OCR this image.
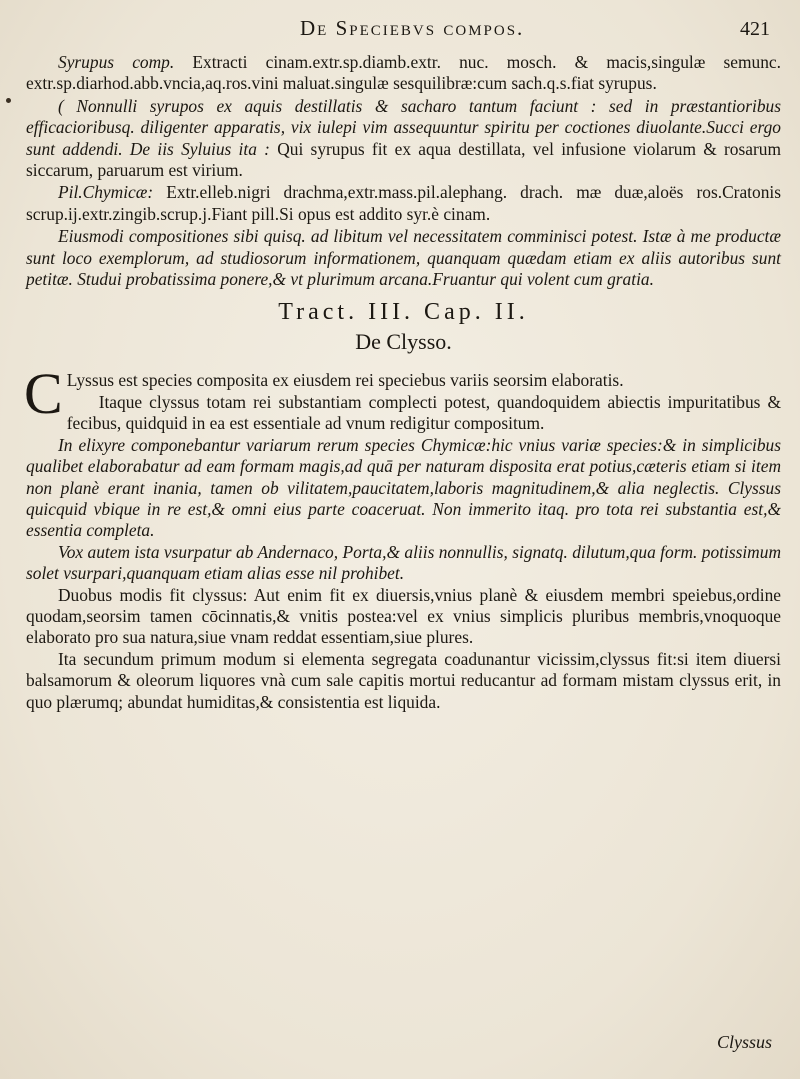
De Speciebvs compos.	421

Syrupus comp. Extracti cinam.extr.sp.diamb.extr. nuc. mosch. & macis,singulæ semunc. extr.sp.diarhod.abb.vncia,aq.ros.vini maluat.singulæ sesquilibræ:cum sach.q.s.fiat syrupus.

( Nonnulli syrupos ex aquis destillatis & sacharo tantum faciunt : sed in præstantioribus efficacioribusq. diligenter apparatis, vix iulepi vim assequuntur spiritu per coctiones diuolante.Succi ergo sunt addendi. De iis Syluius ita : Qui syrupus fit ex aqua destillata, vel infusione violarum & rosarum siccarum, paruarum est virium.

Pil.Chymicæ: Extr.elleb.nigri drachma,extr.mass.pil.alephang. drach. mæ duæ,aloës ros.Cratonis scrup.ij.extr.zingib.scrup.j.Fiant pill.Si opus est addito syr.è cinam.

Eiusmodi compositiones sibi quisq. ad libitum vel necessitatem comminisci potest. Istæ à me productæ sunt loco exemplorum, ad studiosorum informationem, quanquam quædam etiam ex aliis autoribus sunt petitæ. Studui probatissima ponere,& vt plurimum arcana.Fruantur qui volent cum gratia.

Tract. III. Cap. II.
De Clysso.

C Lyssus est species composita ex eiusdem rei speciebus variis seorsim elaboratis.

Itaque clyssus totam rei substantiam complecti potest, quandoquidem abiectis impuritatibus & fecibus, quidquid in ea est essentiale ad vnum redigitur compositum.

In elixyre componebantur variarum rerum species Chymicæ:hic vnius variæ species:& in simplicibus qualibet elaborabatur ad eam formam magis,ad quā per naturam disposita erat potius,cæteris etiam si item non planè erant inania, tamen ob vilitatem,paucitatem,laboris magnitudinem,& alia neglectis. Clyssus quicquid vbique in re est,& omni eius parte coaceruat. Non immerito itaq. pro tota rei substantia est,& essentia completa.

Vox autem ista vsurpatur ab Andernaco, Porta,& aliis nonnullis, signatq. dilutum,qua form. potissimum solet vsurpari,quanquam etiam alias esse nil prohibet.

Duobus modis fit clyssus: Aut enim fit ex diuersis,vnius planè & eiusdem membri speiebus,ordine quodam,seorsim tamen cōcinnatis,& vnitis postea:vel ex vnius simplicis pluribus membris,vnoquoque elaborato pro sua natura,siue vnam reddat essentiam,siue plures.

Ita secundum primum modum si elementa segregata coadunantur vicissim,clyssus fit:si item diuersi balsamorum & oleorum liquores vnà cum sale capitis mortui reducantur ad formam mistam clyssus erit, in quo plærumq; abundat humiditas,& consistentia est liquida.

Clyssus
